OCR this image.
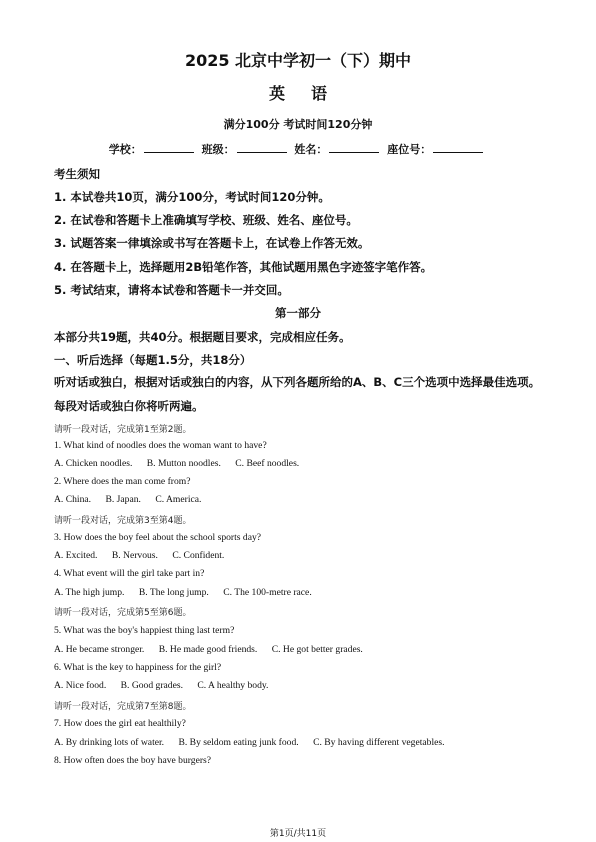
2025 北京中学初一（下）期中
英语
满分100分 考试时间120分钟
学校：	班级：	姓名：	座位号：
考生须知
1. 本试卷共10页，满分100分，考试时间120分钟。
2. 在试卷和答题卡上准确填写学校、班级、姓名、座位号。
3. 试题答案一律填涂或书写在答题卡上，在试卷上作答无效。
4. 在答题卡上，选择题用2B铅笔作答，其他试题用黑色字迹签字笔作答。
5. 考试结束，请将本试卷和答题卡一并交回。
第一部分
本部分共19题，共40分。根据题目要求，完成相应任务。
一、听后选择（每题1.5分，共18分）
听对话或独白，根据对话或独白的内容，从下列各题所给的A、B、C三个选项中选择最佳选项。每段对话或独白你将听两遍。
请听一段对话，完成第1至第2题。
1. What kind of noodles does the woman want to have?
A. Chicken noodles. B. Mutton noodles. C. Beef noodles.
2. Where does the man come from?
A. China. B. Japan. C. America.
请听一段对话，完成第3至第4题。
3. How does the boy feel about the school sports day?
A. Excited. B. Nervous. C. Confident.
4. What event will the girl take part in?
A. The high jump. B. The long jump. C. The 100-metre race.
请听一段对话，完成第5至第6题。
5. What was the boy's happiest thing last term?
A. He became stronger. B. He made good friends. C. He got better grades.
6. What is the key to happiness for the girl?
A. Nice food. B. Good grades. C. A healthy body.
请听一段对话，完成第7至第8题。
7. How does the girl eat healthily?
A. By drinking lots of water. B. By seldom eating junk food. C. By having different vegetables.
8. How often does the boy have burgers?
第1页/共11页
